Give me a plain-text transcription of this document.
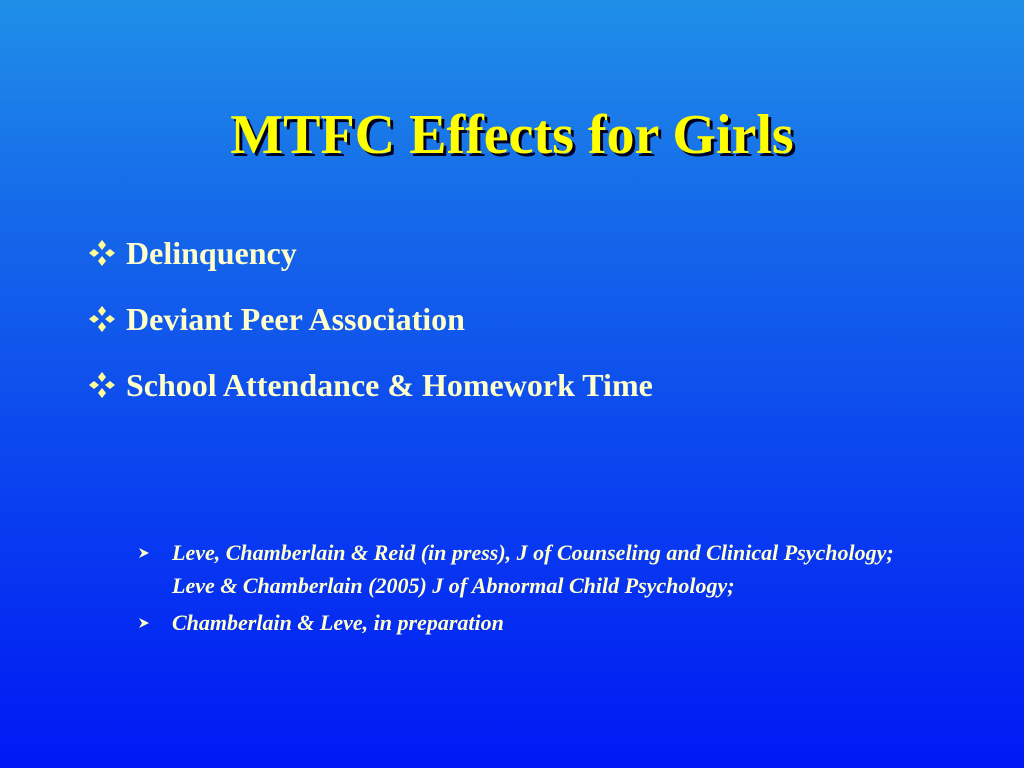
MTFC Effects for Girls
Delinquency
Deviant Peer Association
School Attendance & Homework Time
Leve, Chamberlain & Reid (in press), J of Counseling and Clinical Psychology; Leve & Chamberlain (2005) J of Abnormal Child Psychology;
Chamberlain & Leve, in preparation
